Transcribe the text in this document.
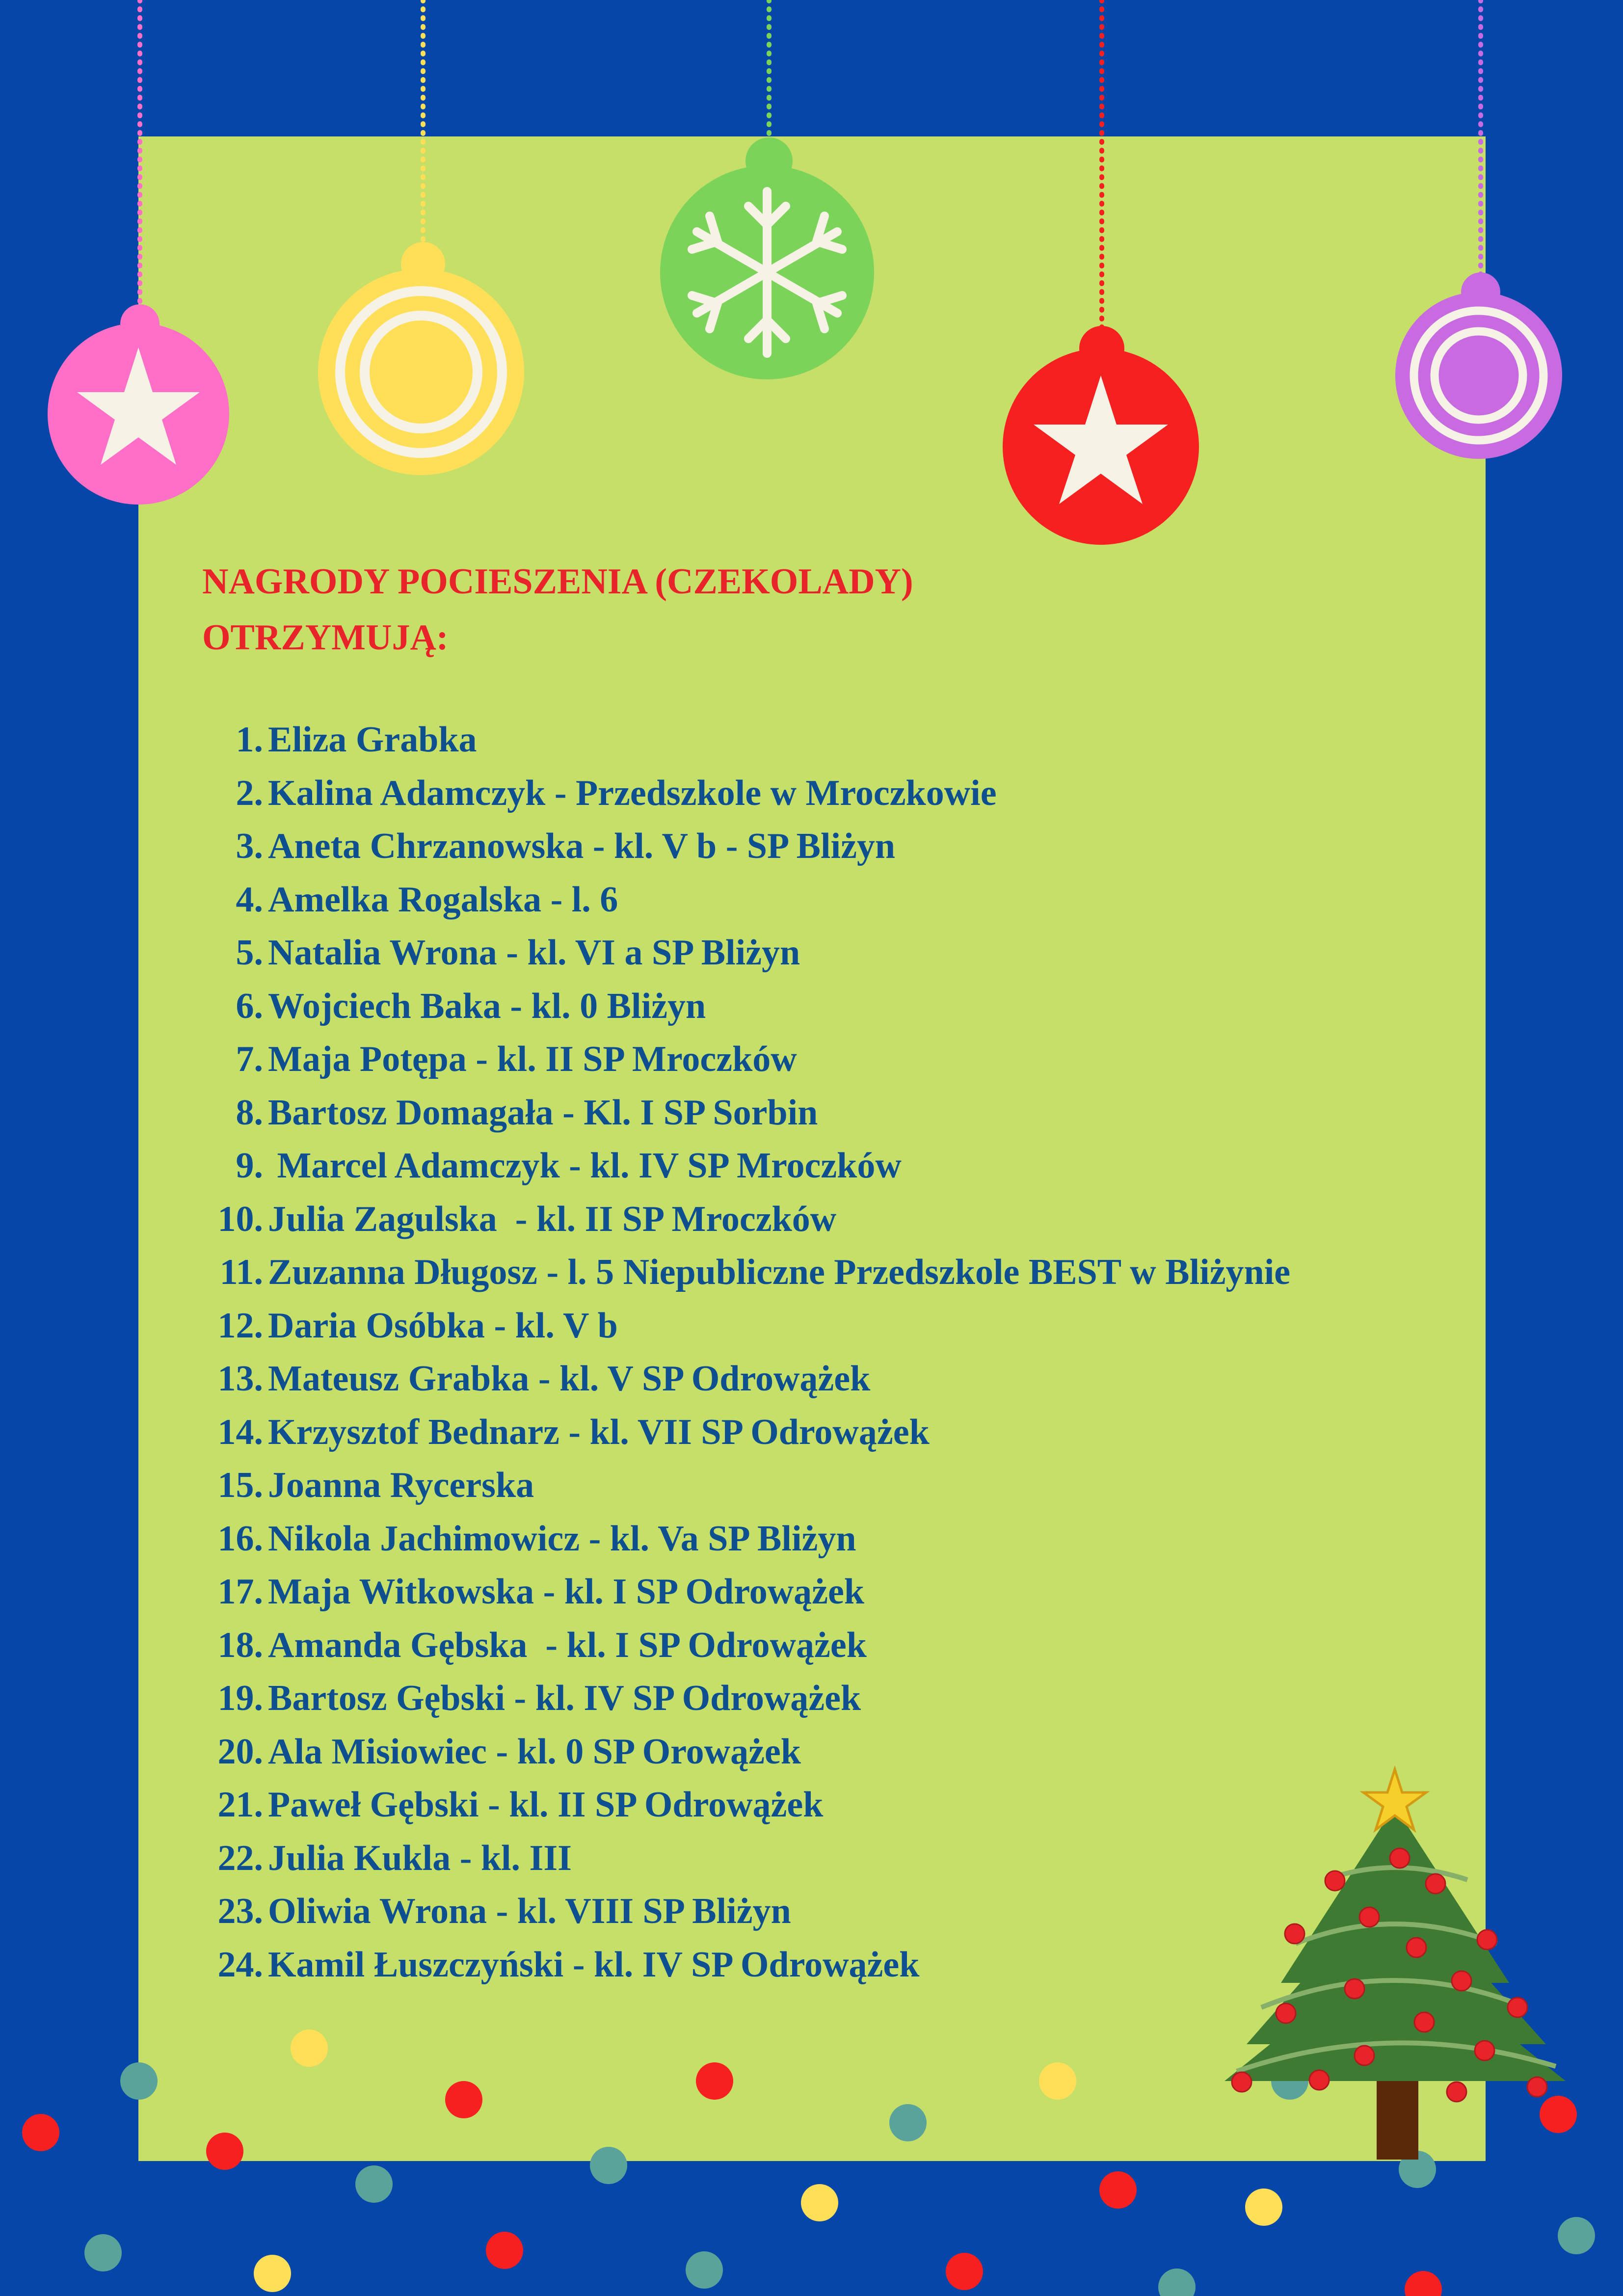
NAGRODY POCIESZENIA (CZEKOLADY)
OTRZYMUJĄ:
1. Eliza Grabka
2. Kalina Adamczyk - Przedszkole w Mroczkowie
3. Aneta Chrzanowska - kl. V b - SP Bliżyn
4. Amelka Rogalska - l. 6
5. Natalia Wrona - kl. VI a SP Bliżyn
6. Wojciech Baka - kl. 0 Bliżyn
7. Maja Potępa - kl. II SP Mroczków
8. Bartosz Domagała - Kl. I SP Sorbin
9. Marcel Adamczyk - kl. IV SP Mroczków
10. Julia Zagulska  - kl. II SP Mroczków
11. Zuzanna Długosz - l. 5 Niepubliczne Przedszkole BEST w Bliżynie
12. Daria Osóbka - kl. V b
13. Mateusz Grabka - kl. V SP Odrowążek
14. Krzysztof Bednarz - kl. VII SP Odrowążek
15. Joanna Rycerska
16. Nikola Jachimowicz - kl. Va SP Bliżyn
17. Maja Witkowska - kl. I SP Odrowążek
18. Amanda Gębska  - kl. I SP Odrowążek
19. Bartosz Gębski - kl. IV SP Odrowążek
20. Ala Misiowiec - kl. 0 SP Orowążek
21. Paweł Gębski - kl. II SP Odrowążek
22. Julia Kukla - kl. III
23. Oliwia Wrona - kl. VIII SP Bliżyn
24. Kamil Łuszczyński - kl. IV SP Odrowążek
